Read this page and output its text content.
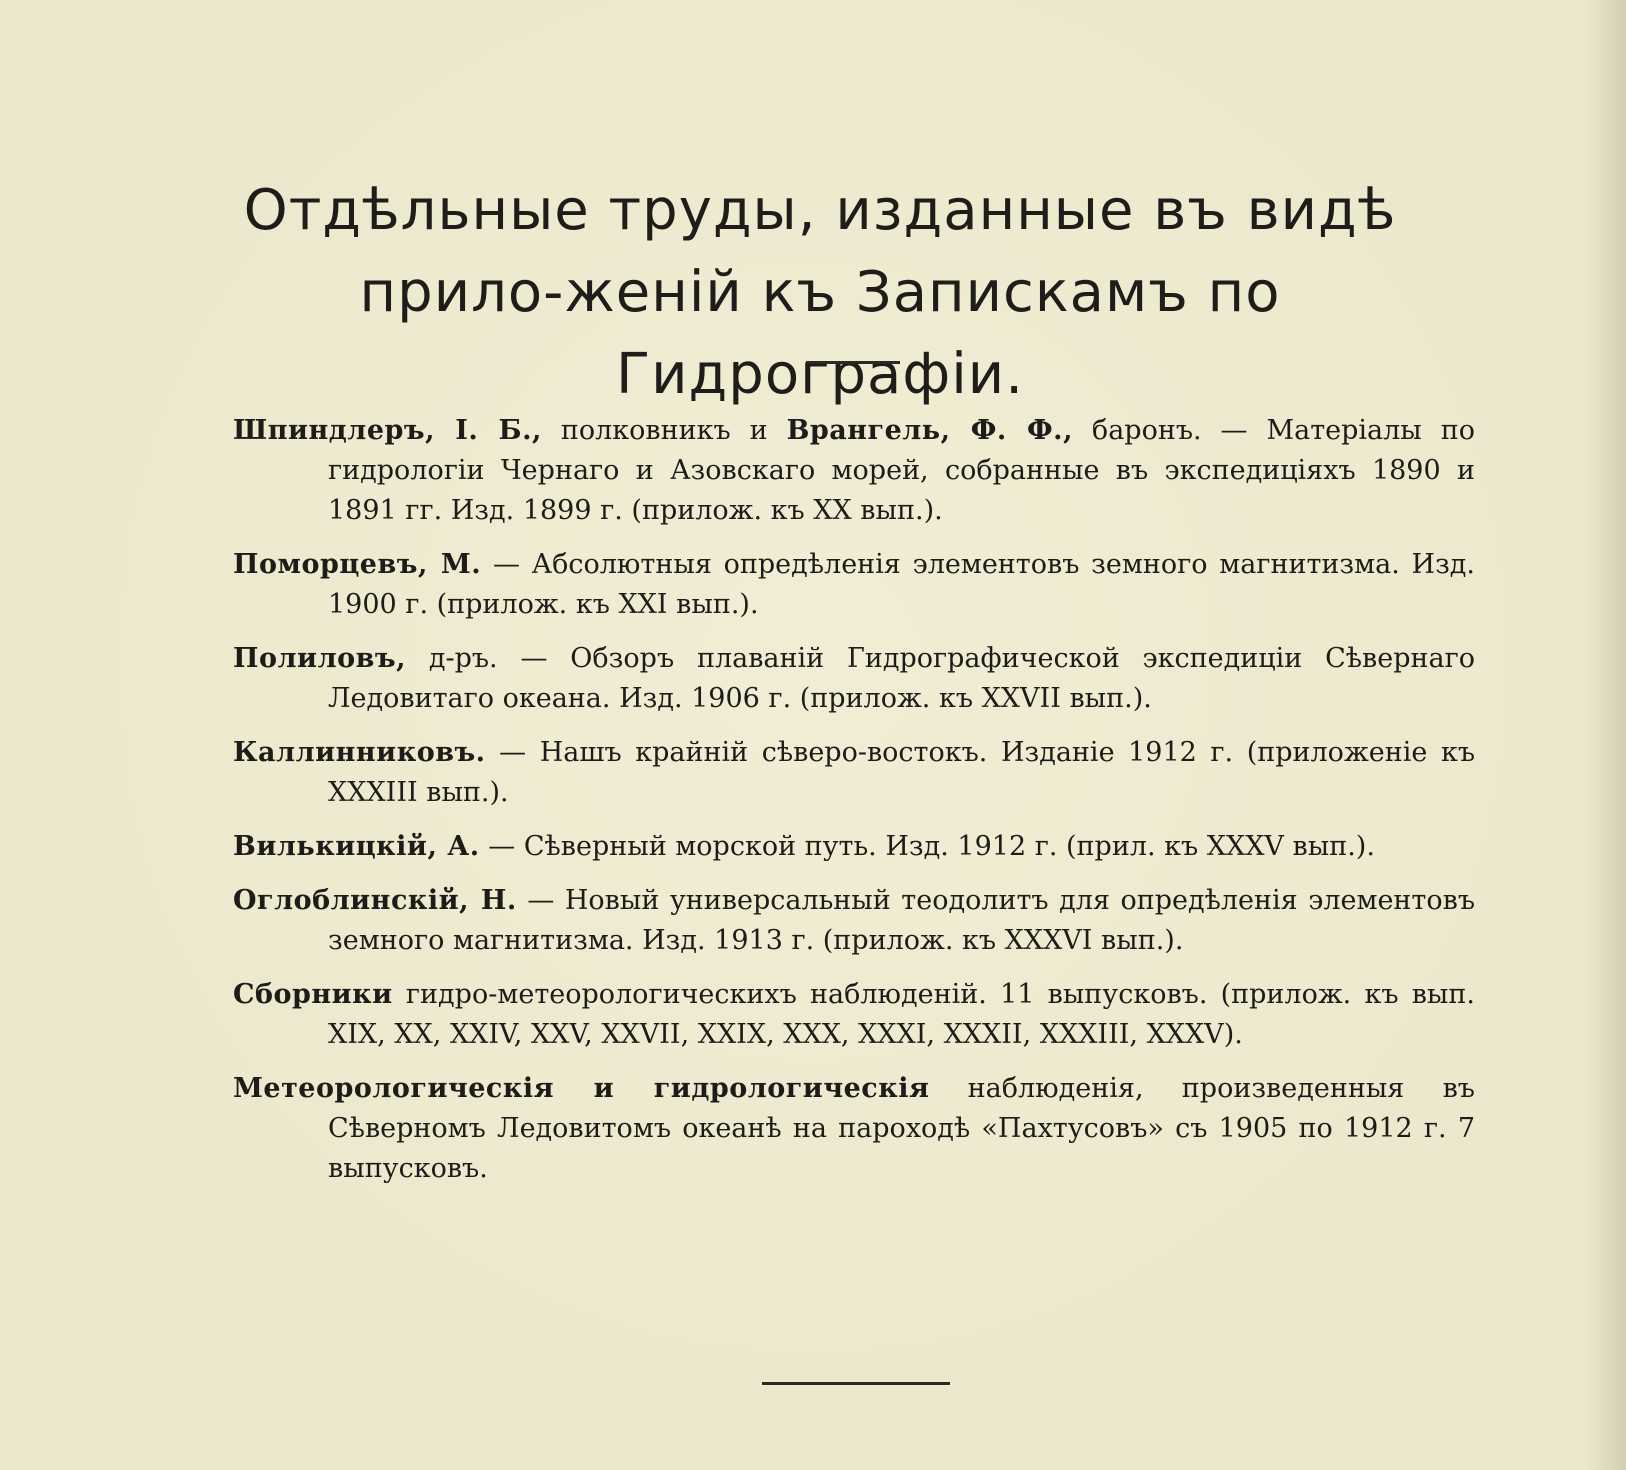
Отдѣльные труды, изданные въ видѣ прило-жeній къ Запискамъ по Гидрографіи.

Шпиндлеръ, I. Б., полковникъ и Врангель, Ф. Ф., баронъ. — Матеріалы по гидрологіи Чернаго и Азовскаго морей, собранные въ экспедиціяхъ 1890 и 1891 гг. Изд. 1899 г. (прилож. къ XX вып.).

Поморцевъ, М. — Абсолютныя опредѣленія элементовъ земного магнитизма. Изд. 1900 г. (прилож. къ XXI вып.).

Полиловъ, д-ръ. — Обзоръ плаваній Гидрографической экспедиціи Сѣвернаго Ледовитаго океана. Изд. 1906 г. (прилож. къ XXVII вып.).

Каллинниковъ. — Нашъ крайній сѣверо-востокъ. Изданіе 1912 г. (приложеніе къ XXXIII вып.).

Вилькицкій, А. — Сѣверный морской путь. Изд. 1912 г. (прил. къ XXXV вып.).

Оглоблинскій, Н. — Новый универсальный теодолитъ для опредѣленія элементовъ земного магнитизма. Изд. 1913 г. (прилож. къ XXXVI вып.).

Сборники гидро-метеорологическихъ наблюденій. 11 выпусковъ. (прилож. къ вып. XIX, XX, XXIV, XXV, XXVII, XXIX, XXX, XXXI, XXXII, XXXIII, XXXV).

Метеорологическія и гидрологическія наблюденія, произведенныя въ Сѣверномъ Ледовитомъ океанѣ на пароходѣ «Пахтусовъ» съ 1905 по 1912 г. 7 выпусковъ.
